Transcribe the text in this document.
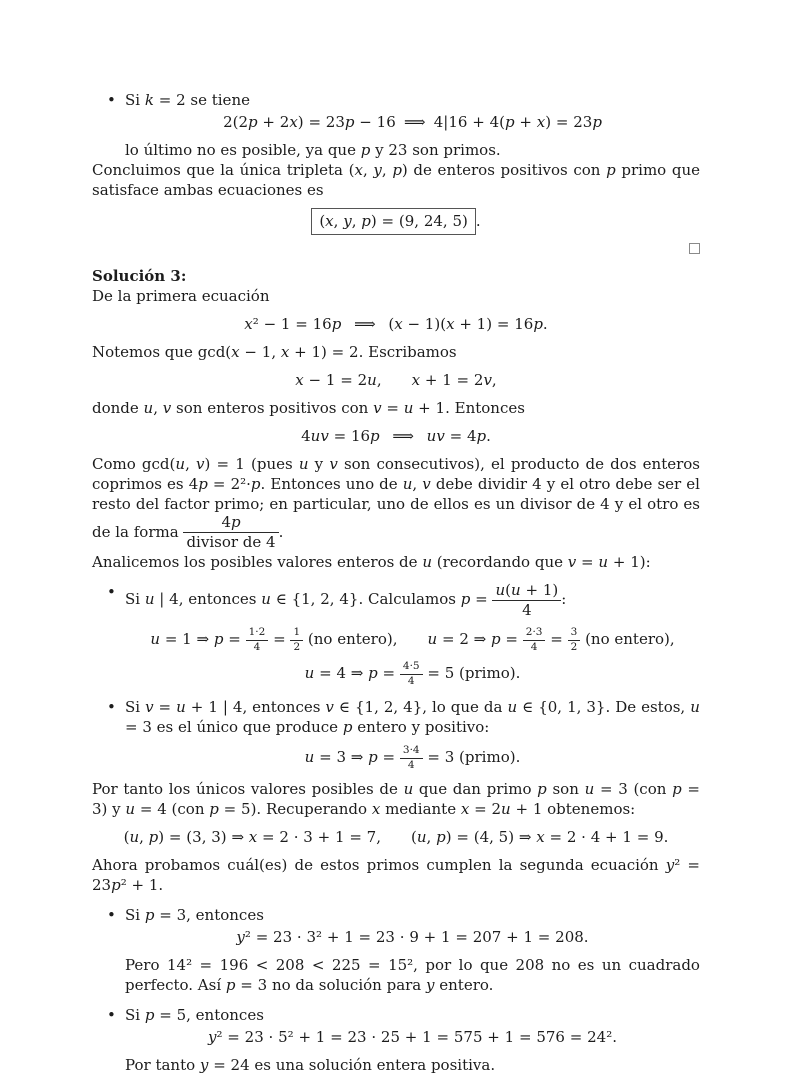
• Si k = 2 se tiene
2(2p + 2x) = 23p − 16 ⟹ 4|16 + 4(p + x) = 23p
lo último no es posible, ya que p y 23 son primos.
Concluimos que la única tripleta (x, y, p) de enteros positivos con p primo que satisface ambas ecuaciones es
(x, y, p) = (9, 24, 5) .
Solución 3:
De la primera ecuación
x² − 1 = 16p ⟹ (x − 1)(x + 1) = 16p.
Notemos que gcd(x − 1, x + 1) = 2. Escribamos
x − 1 = 2u, x + 1 = 2v,
donde u, v son enteros positivos con v = u + 1. Entonces
4uv = 16p ⟹ uv = 4p.
Como gcd(u, v) = 1 (pues u y v son consecutivos), el producto de dos enteros coprimos es 4p = 2²·p. Entonces uno de u, v debe dividir 4 y el otro debe ser el resto del factor primo; en particular, uno de ellos es un divisor de 4 y el otro es de la forma $\frac{4p}{\text{divisor de 4}}$ .
Analicemos los posibles valores enteros de u (recordando que v = u + 1):
• Si u | 4, entonces u ∈ {1, 2, 4}. Calculamos $p = \frac{u(u + 1)}{4}$ :
u = 1 ⇒ $p = \frac{1\cdot 2}{4} = \frac{1}{2} (no$ entero), u = 2 ⇒ $p = \frac{2\cdot 3}{4} = \frac{3}{2} (no$ entero),
u = 4 ⇒ $p = \frac{4\cdot 5}{4} = 5$ (primo).
• Si v = u + 1 | 4, entonces v ∈ {1, 2, 4}, lo que da u ∈ {0, 1, 3}. De estos, u = 3 es el único que produce p entero y positivo:
u = 3 ⇒ $p = \frac{3\cdot 4}{4} = 3$ (primo).
Por tanto los únicos valores posibles de u que dan primo p son u = 3 (con p = 3) y u = 4 (con p = 5). Recuperando x mediante x = 2u + 1 obtenemos:
(u, p) = (3, 3) ⇒ x = 2 · 3 + 1 = 7, (u, p) = (4, 5) ⇒ x = 2 · 4 + 1 = 9.
Ahora probamos cuál(es) de estos primos cumplen la segunda ecuación y² = 23p² + 1.
• Si p = 3, entonces
y² = 23 · 3² + 1 = 23 · 9 + 1 = 207 + 1 = 208.
Pero 14² = 196 < 208 < 225 = 15², por lo que 208 no es un cuadrado perfecto. Así p = 3 no da solución para y entero.
• Si p = 5, entonces
y² = 23 · 5² + 1 = 23 · 25 + 1 = 575 + 1 = 576 = 24².
Por tanto y = 24 es una solución entera positiva.
